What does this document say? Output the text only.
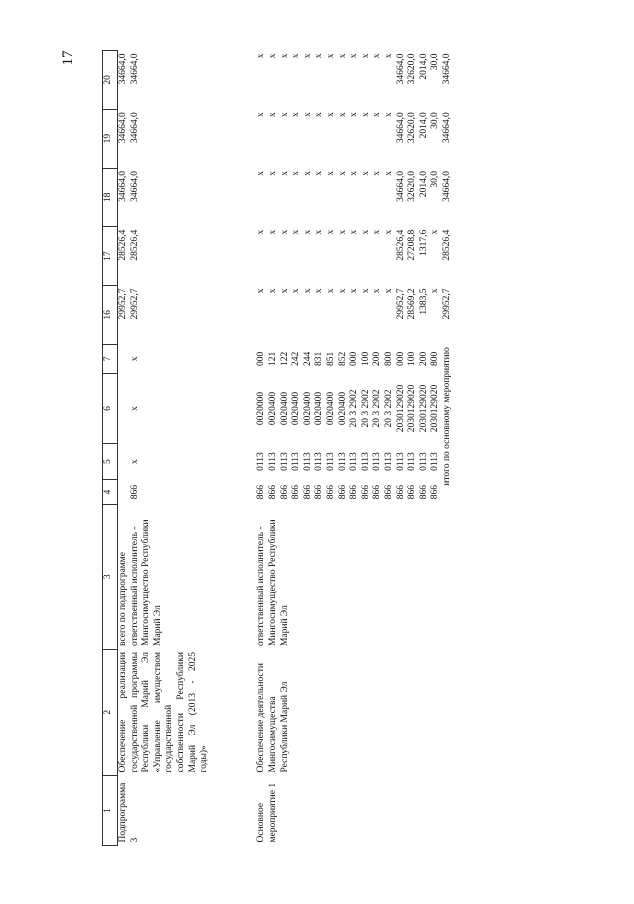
17
1	2	3	4	5	6	7	16	17	18	19	20
Подпрограмма 3	Обеспечение реализации государственной программы Республики Марий Эл «Управление имуществом государственной собственности Республики Марий Эл (2013 - 2025 годы)»	всего по подпрограмме					29952,7	28526,4	34664,0	34664,0	34664,0
		ответственный исполнитель - Мингосимущество Республики Марий Эл	866	x	x	x	29952,7	28526,4	34664,0	34664,0	34664,0

Основное мероприятие 1	Обеспечение деятельности Мингосимущества Республики Марий Эл	ответственный исполнитель - Мингосимущество Республики Марий Эл	866	0113	0020000	000	x	x	x	x	x
			866	0113	0020400	121	x	x	x	x	x
			866	0113	0020400	122	x	x	x	x	x
			866	0113	0020400	242	x	x	x	x	x
			866	0113	0020400	244	x	x	x	x	x
			866	0113	0020400	831	x	x	x	x	x
			866	0113	0020400	851	x	x	x	x	x
			866	0113	0020400	852	x	x	x	x	x
			866	0113	20 3 2902	000	x	x	x	x	x
			866	0113	20 3 2902	100	x	x	x	x	x
			866	0113	20 3 2902	200	x	x	x	x	x
			866	0113	20 3 2902	800	x	x	x	x	x
			866	0113	2030129020	000	29952,7	28526,4	34664,0	34664,0	34664,0
			866	0113	2030129020	100	28569,2	27208,8	32620,0	32620,0	32620,0
			866	0113	2030129020	200	1383,5	1317,6	2014,0	2014,0	2014,0
			866	0113	2030129020	800	x	x	30,0	30,0	30,0
			итого по основному мероприятию				29952,7	28526,4	34664,0	34664,0	34664,0
